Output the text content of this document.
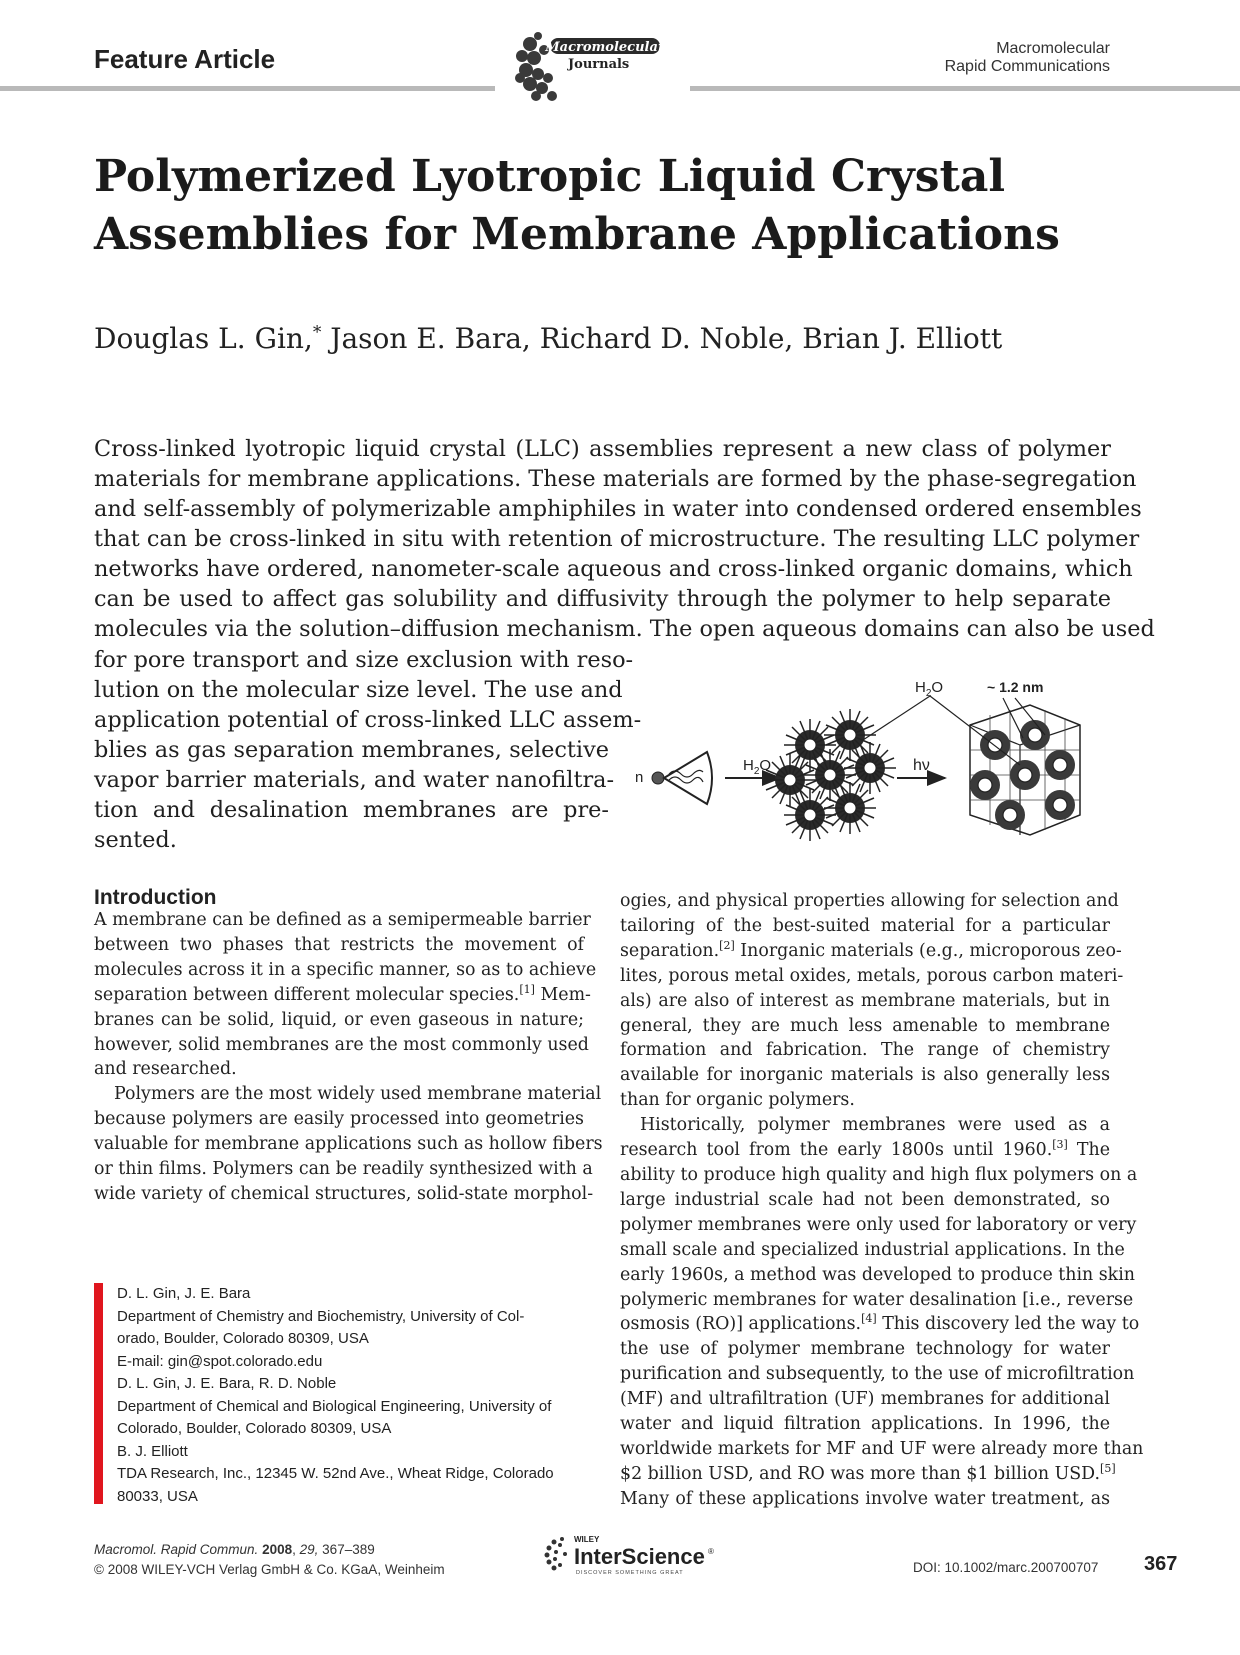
Feature Article	Macromolecular
Journals
Macromolecular
Rapid Communications
Polymerized Lyotropic Liquid Crystal
Assemblies for Membrane Applications
Douglas L. Gin,* Jason E. Bara, Richard D. Noble, Brian J. Elliott
Cross-linked lyotropic liquid crystal (LLC) assemblies represent a new class of polymer
materials for membrane applications. These materials are formed by the phase-segregation
and self-assembly of polymerizable amphiphiles in water into condensed ordered ensembles
that can be cross-linked in situ with retention of microstructure. The resulting LLC polymer
networks have ordered, nanometer-scale aqueous and cross-linked organic domains, which
can be used to affect gas solubility and diffusivity through the polymer to help separate
molecules via the solution–diffusion mechanism. The open aqueous domains can also be used
for pore transport and size exclusion with reso-
lution on the molecular size level. The use and
application potential of cross-linked LLC assem-
blies as gas separation membranes, selective
vapor barrier materials, and water nanofiltra-
tion and desalination membranes are pre-
sented.
n
$H_2O$	hν
$H_2O$	~ 1.2 nm
Introduction
A membrane can be defined as a semipermeable barrier
between two phases that restricts the movement of
molecules across it in a specific manner, so as to achieve
separation between different molecular species.[1] Mem-
branes can be solid, liquid, or even gaseous in nature;
however, solid membranes are the most commonly used
and researched.
Polymers are the most widely used membrane material
because polymers are easily processed into geometries
valuable for membrane applications such as hollow fibers
or thin films. Polymers can be readily synthesized with a
wide variety of chemical structures, solid-state morphol-
ogies, and physical properties allowing for selection and
tailoring of the best-suited material for a particular
separation.[2] Inorganic materials (e.g., microporous zeo-
lites, porous metal oxides, metals, porous carbon materi-
als) are also of interest as membrane materials, but in
general, they are much less amenable to membrane
formation and fabrication. The range of chemistry
available for inorganic materials is also generally less
than for organic polymers.
Historically, polymer membranes were used as a
research tool from the early 1800s until 1960.[3] The
ability to produce high quality and high flux polymers on a
large industrial scale had not been demonstrated, so
polymer membranes were only used for laboratory or very
small scale and specialized industrial applications. In the
early 1960s, a method was developed to produce thin skin
polymeric membranes for water desalination [i.e., reverse
osmosis (RO)] applications.[4] This discovery led the way to
the use of polymer membrane technology for water
purification and subsequently, to the use of microfiltration
(MF) and ultrafiltration (UF) membranes for additional
water and liquid filtration applications. In 1996, the
worldwide markets for MF and UF were already more than
$2 billion USD, and RO was more than $1 billion USD.[5]
Many of these applications involve water treatment, as
D. L. Gin, J. E. Bara
Department of Chemistry and Biochemistry, University of Col-
orado, Boulder, Colorado 80309, USA
E-mail: gin@spot.colorado.edu
D. L. Gin, J. E. Bara, R. D. Noble
Department of Chemical and Biological Engineering, University of
Colorado, Boulder, Colorado 80309, USA
B. J. Elliott
TDA Research, Inc., 12345 W. 52nd Ave., Wheat Ridge, Colorado
80033, USA
Macromol. Rapid Commun. 2008, 29, 367–389
© 2008 WILEY-VCH Verlag GmbH & Co. KGaA, Weinheim
WILEY
InterScience ®
DISCOVER SOMETHING GREAT	DOI: 10.1002/marc.200700707 367
